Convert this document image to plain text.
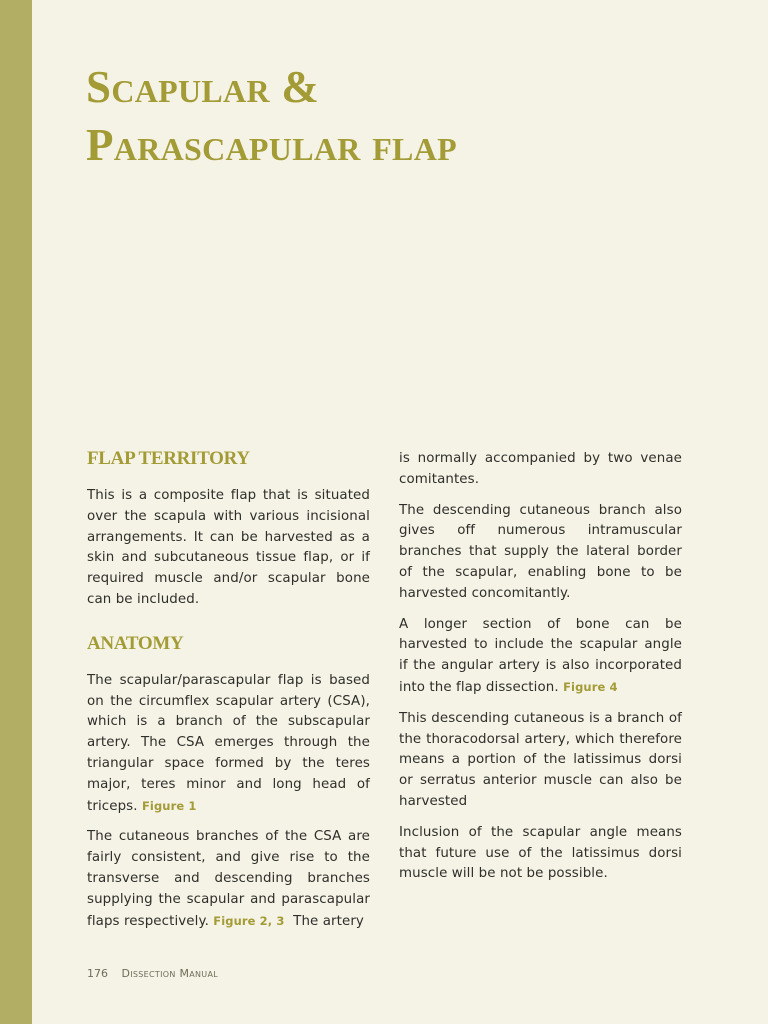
Scapular &
Parascapular flap
FLAP TERRITORY

This is a composite flap that is situated over the scapula with various incisional arrangements. It can be harvested as a skin and subcutaneous tissue flap, or if required muscle and/or scapular bone can be included.

ANATOMY

The scapular/parascapular flap is based on the circumflex scapular artery (CSA), which is a branch of the subscapular artery. The CSA emerges through the triangular space formed by the teres major, teres minor and long head of triceps. Figure 1

The cutaneous branches of the CSA are fairly consistent, and give rise to the transverse and descending branches supplying the scapular and parascapular flaps respectively. Figure 2, 3  The artery

is normally accompanied by two venae comitantes.

The descending cutaneous branch also gives off numerous intramuscular branches that supply the lateral border of the scapular, enabling bone to be harvested concomitantly.

A longer section of bone can be harvested to include the scapular angle if the angular artery is also incorporated into the flap dissection. Figure 4

This descending cutaneous is a branch of the thoracodorsal artery, which therefore means a portion of the latissimus dorsi or serratus anterior muscle can also be harvested

Inclusion of the scapular angle means that future use of the latissimus dorsi muscle will be not be possible.

176 Dissection Manual
